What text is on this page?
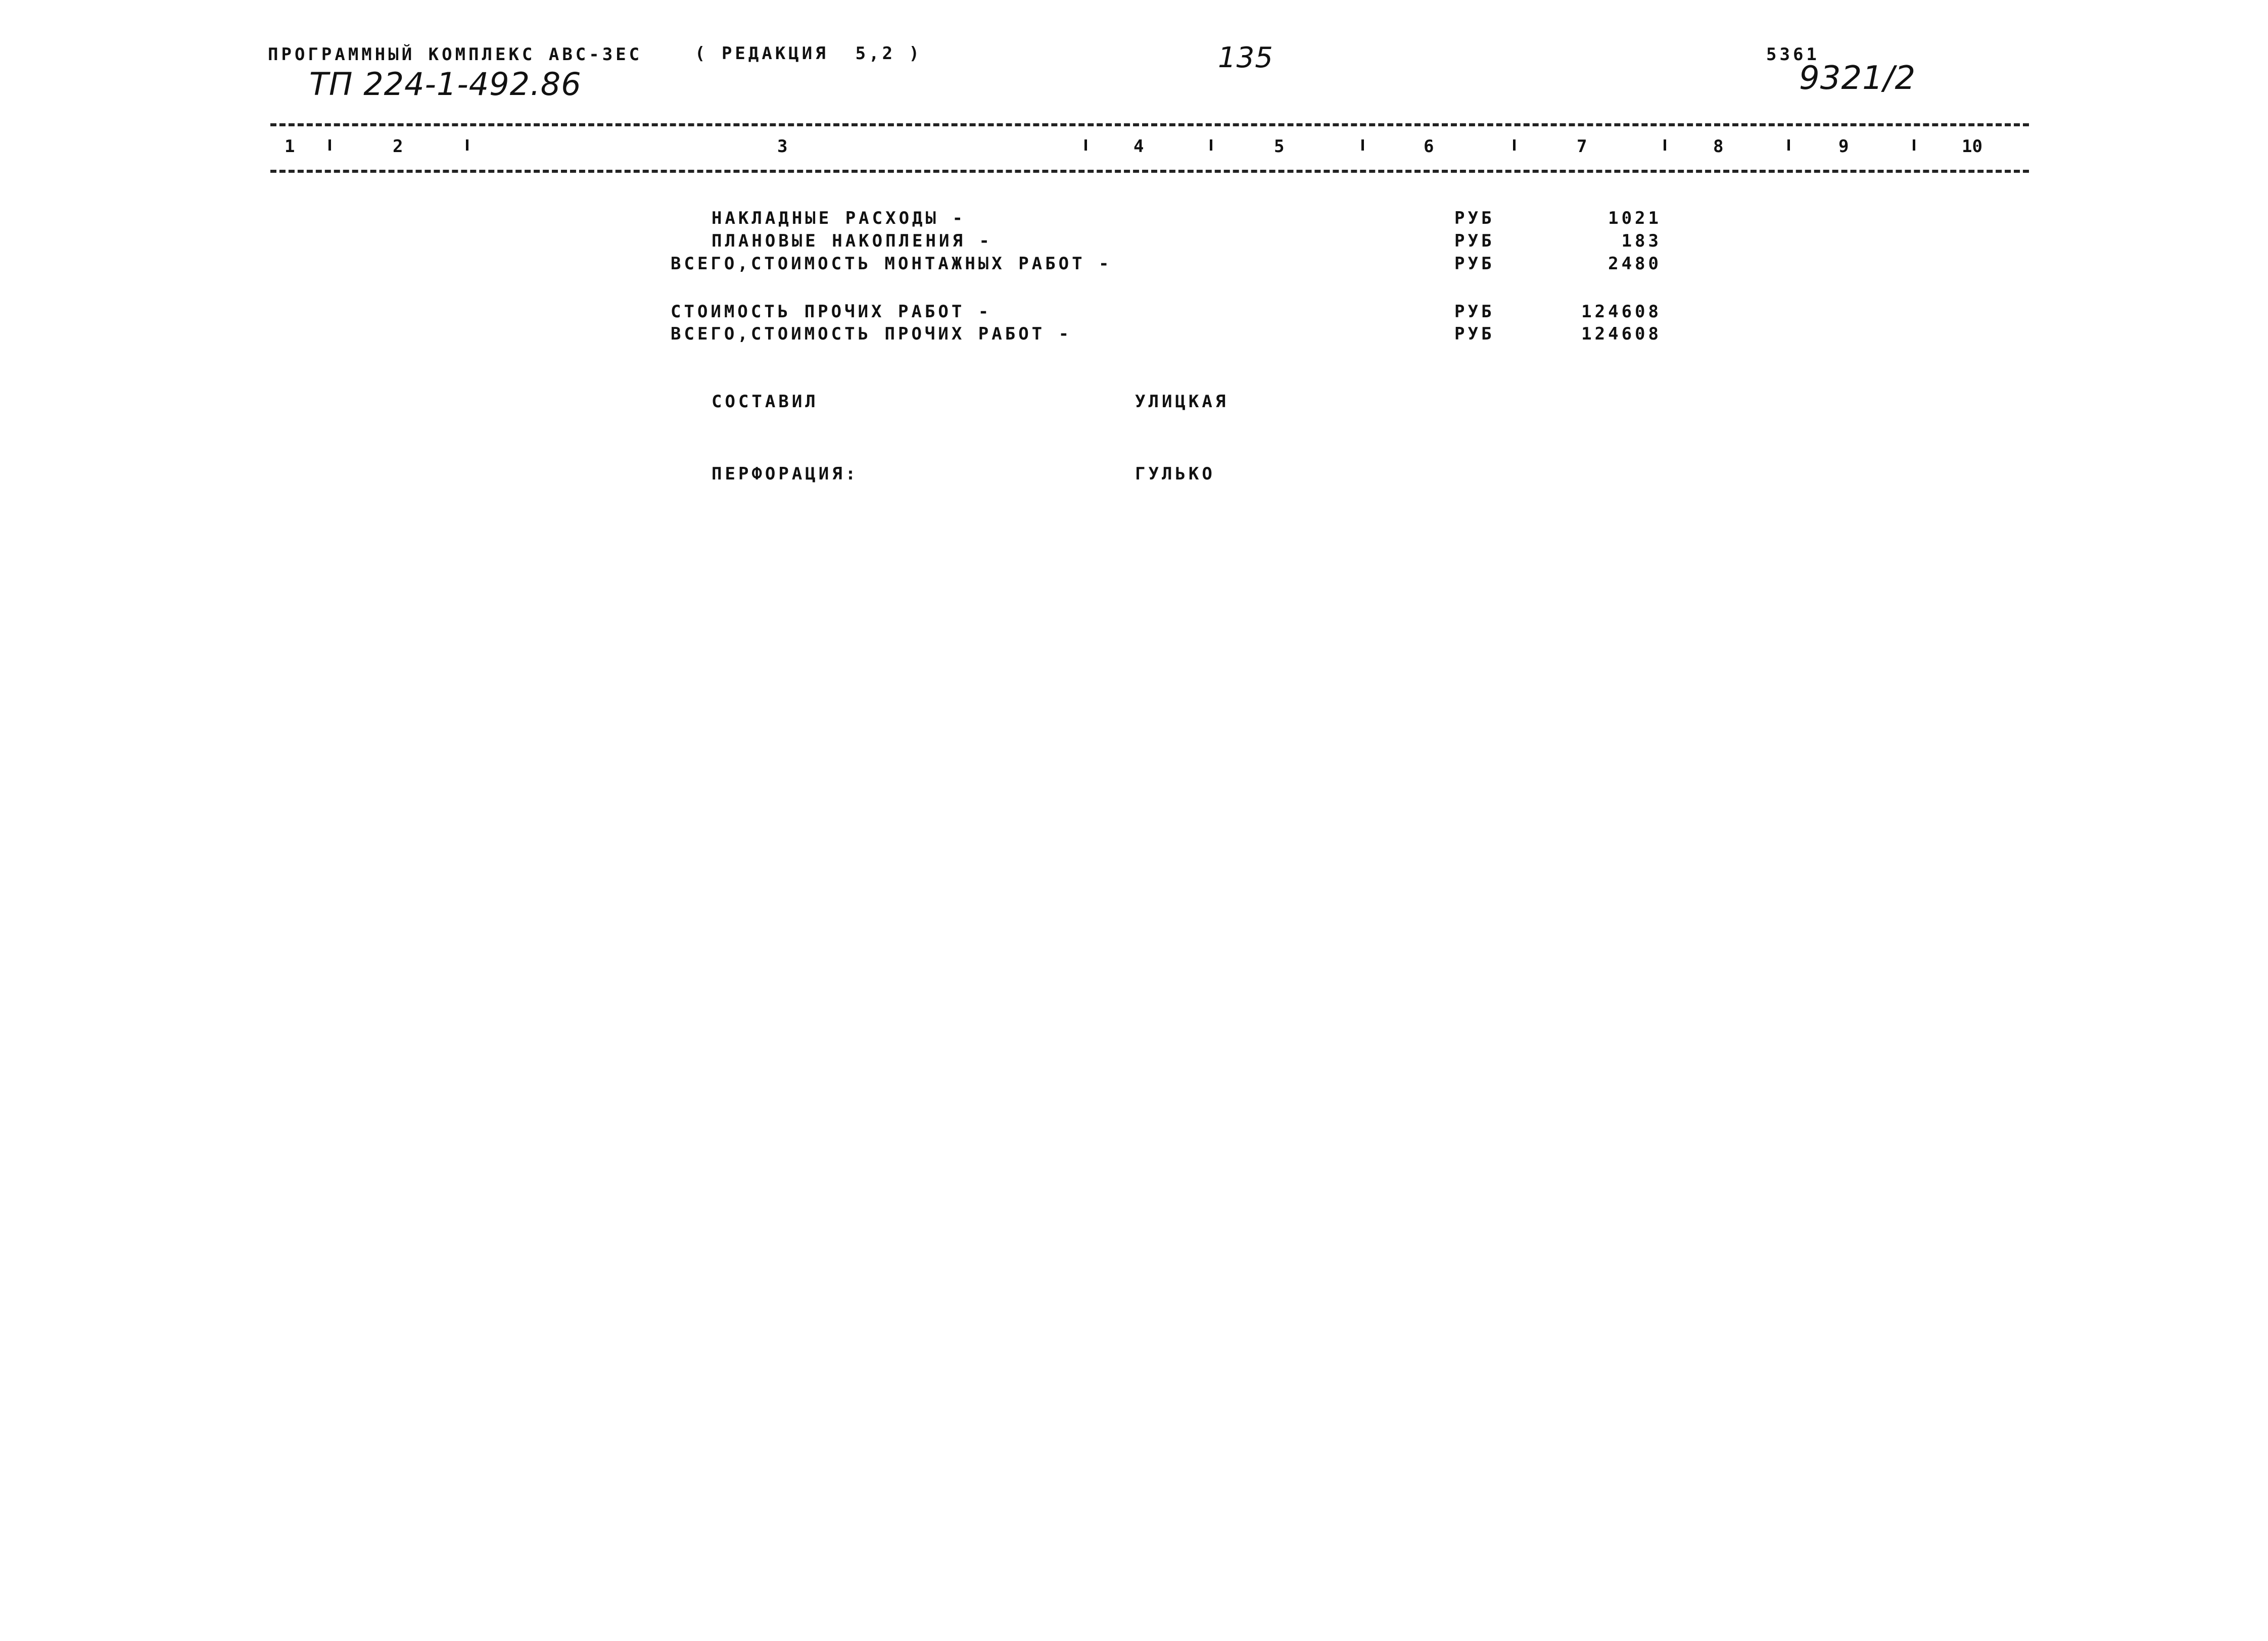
ПРОГРАММНЫЙ КОМПЛЕКС АВС-3ЕС	( РЕДАКЦИЯ  5,2 )
ТП 224-1-492.86
135	5361
9321/2
1	2	3	4	5	6	7	8	9	10
НАКЛАДНЫЕ РАСХОДЫ -	РУБ	1021
ПЛАНОВЫЕ НАКОПЛЕНИЯ -	РУБ	183
ВСЕГО,СТОИМОСТЬ МОНТАЖНЫХ РАБОТ -	РУБ	2480
СТОИМОСТЬ ПРОЧИХ РАБОТ -	РУБ	124608
ВСЕГО,СТОИМОСТЬ ПРОЧИХ РАБОТ -	РУБ	124608
СОСТАВИЛ	УЛИЦКАЯ
ПЕРФОРАЦИЯ:	ГУЛЬКО
